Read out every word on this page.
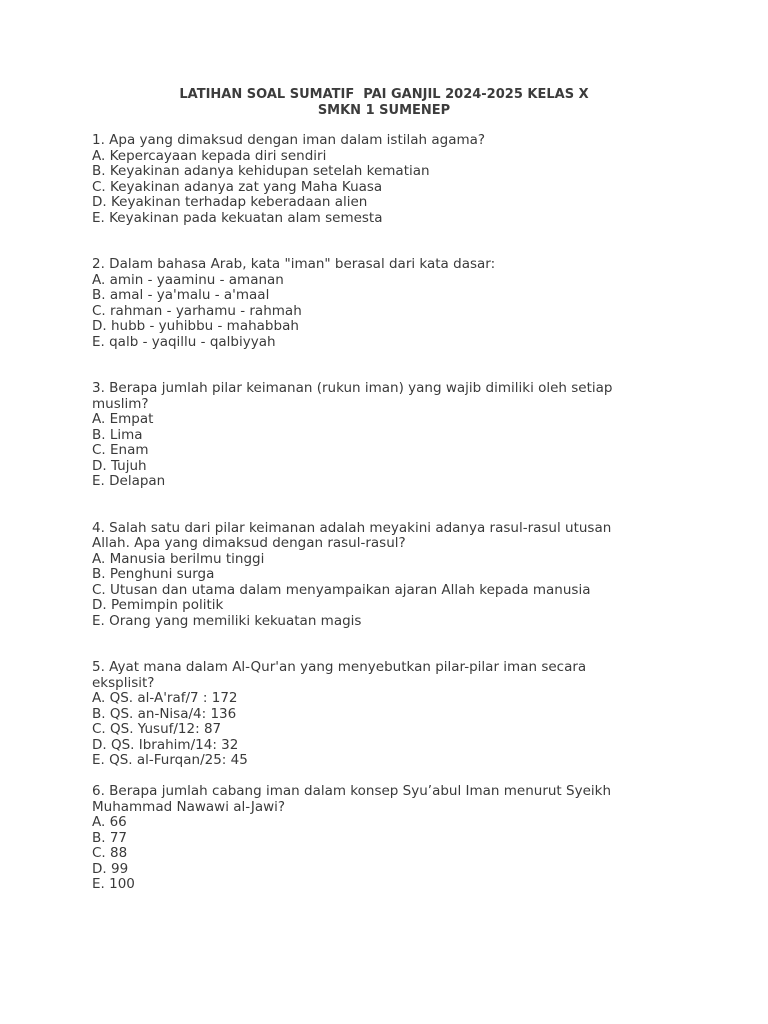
LATIHAN SOAL SUMATIF  PAI GANJIL 2024-2025 KELAS X
SMKN 1 SUMENEP
1. Apa yang dimaksud dengan iman dalam istilah agama?
A. Kepercayaan kepada diri sendiri
B. Keyakinan adanya kehidupan setelah kematian
C. Keyakinan adanya zat yang Maha Kuasa
D. Keyakinan terhadap keberadaan alien
E. Keyakinan pada kekuatan alam semesta
2. Dalam bahasa Arab, kata "iman" berasal dari kata dasar:
A. amin - yaaminu - amanan
B. amal - ya'malu - a'maal
C. rahman - yarhamu - rahmah
D. hubb - yuhibbu - mahabbah
E. qalb - yaqillu - qalbiyyah
3. Berapa jumlah pilar keimanan (rukun iman) yang wajib dimiliki oleh setiap muslim?
A. Empat
B. Lima
C. Enam
D. Tujuh
E. Delapan
4. Salah satu dari pilar keimanan adalah meyakini adanya rasul-rasul utusan Allah. Apa yang dimaksud dengan rasul-rasul?
A. Manusia berilmu tinggi
B. Penghuni surga
C. Utusan dan utama dalam menyampaikan ajaran Allah kepada manusia
D. Pemimpin politik
E. Orang yang memiliki kekuatan magis
5. Ayat mana dalam Al-Qur'an yang menyebutkan pilar-pilar iman secara eksplisit?
A. QS. al-A'raf/7 : 172
B. QS. an-Nisa/4: 136
C. QS. Yusuf/12: 87
D. QS. Ibrahim/14: 32
E. QS. al-Furqan/25: 45
6. Berapa jumlah cabang iman dalam konsep Syu’abul Iman menurut Syeikh Muhammad Nawawi al-Jawi?
A. 66
B. 77
C. 88
D. 99
E. 100
